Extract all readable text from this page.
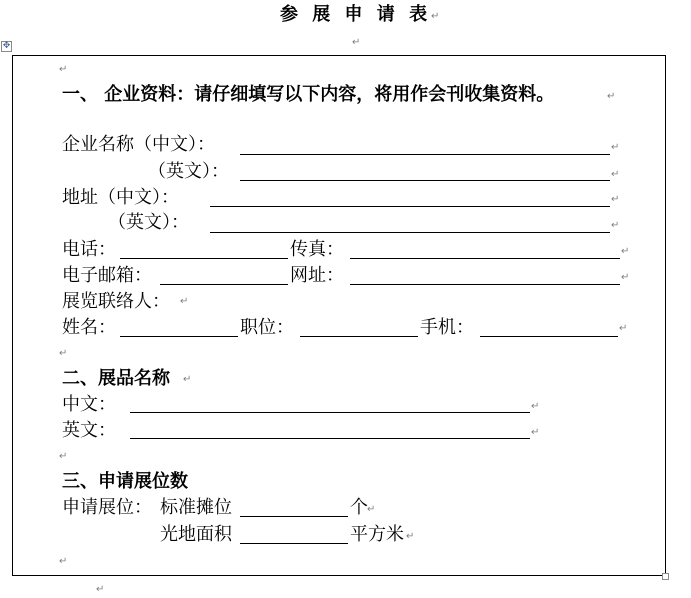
参 展 申 请 表
↵
↵
✥
↵
一、 企业资料：请仔细填写以下内容，将用作会刊收集资料。
↵
企业名称（中文）：
↵
（英文）：
↵
地址（中文）：
↵
（英文）：
↵
电话：	传真：
↵
电子邮箱：	网址：
↵
展览联络人：
↵
姓名：	职位：	手机：
↵
↵
二、展品名称
↵
中文：
↵
英文：
↵
↵
三、申请展位数
申请展位： 标准摊位	个
↵
光地面积	平方米
↵
↵
↵
